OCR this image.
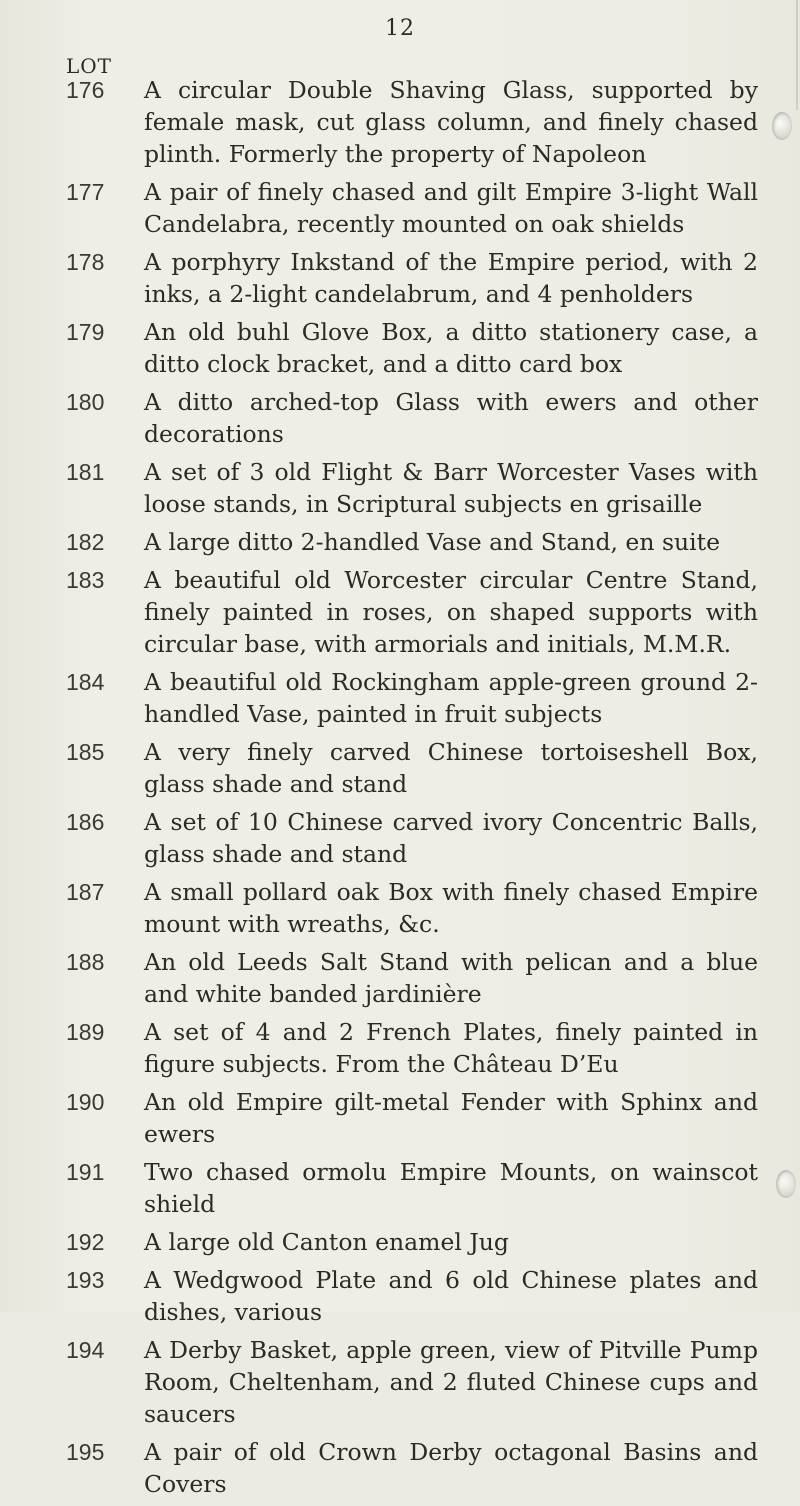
12
LOT
176 A circular Double Shaving Glass, supported by female mask, cut glass column, and finely chased plinth. Formerly the property of Napoleon
177 A pair of finely chased and gilt Empire 3-light Wall Candelabra, recently mounted on oak shields
178 A porphyry Inkstand of the Empire period, with 2 inks, a 2-light candelabrum, and 4 penholders
179 An old buhl Glove Box, a ditto stationery case, a ditto clock bracket, and a ditto card box
180 A ditto arched-top Glass with ewers and other decorations
181 A set of 3 old Flight & Barr Worcester Vases with loose stands, in Scriptural subjects en grisaille
182 A large ditto 2-handled Vase and Stand, en suite
183 A beautiful old Worcester circular Centre Stand, finely painted in roses, on shaped supports with circular base, with armorials and initials, M.M.R.
184 A beautiful old Rockingham apple-green ground 2-handled Vase, painted in fruit subjects
185 A very finely carved Chinese tortoiseshell Box, glass shade and stand
186 A set of 10 Chinese carved ivory Concentric Balls, glass shade and stand
187 A small pollard oak Box with finely chased Empire mount with wreaths, &c.
188 An old Leeds Salt Stand with pelican and a blue and white banded jardinière
189 A set of 4 and 2 French Plates, finely painted in figure subjects. From the Château D’Eu
190 An old Empire gilt-metal Fender with Sphinx and ewers
191 Two chased ormolu Empire Mounts, on wainscot shield
192 A large old Canton enamel Jug
193 A Wedgwood Plate and 6 old Chinese plates and dishes, various
194 A Derby Basket, apple green, view of Pitville Pump Room, Cheltenham, and 2 fluted Chinese cups and saucers
195 A pair of old Crown Derby octagonal Basins and Covers
